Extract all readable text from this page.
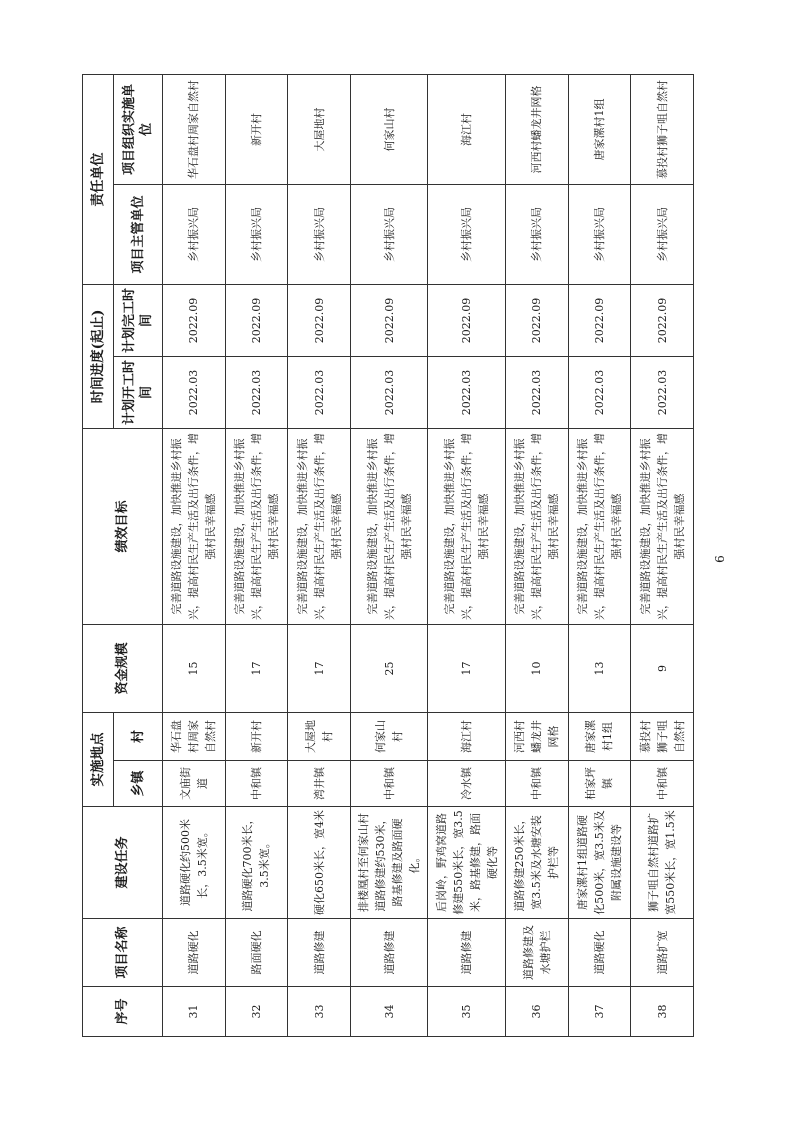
序号	项目名称	建设任务	实施地点		资金规模	绩效目标	时间进度(起止)		责任单位	
			乡镇	村			计划开工时间	计划完工时间	项目主管单位	项目组织实施单位
31	道路硬化	道路硬化约500米长，3.5米宽。	文庙街道	华石盘村周家自然村	15	完善道路设施建设，加快推进乡村振兴，提高村民生产生活及出行条件，增强村民幸福感	2022.03	2022.09	乡村振兴局	华石盘村周家自然村
32	路面硬化	道路硬化700米长，3.5米宽。	中和镇	新开村	17	完善道路设施建设，加快推进乡村振兴，提高村民生产生活及出行条件，增强村民幸福感	2022.03	2022.09	乡村振兴局	新开村
33	道路修建	硬化650米长，宽4米	湾井镇	大屋地村	17	完善道路设施建设，加快推进乡村振兴，提高村民生产生活及出行条件，增强村民幸福感	2022.03	2022.09	乡村振兴局	大屋地村
34	道路修建	排楼凰村至何家山村道路修建约530米，路基修建及路面硬化。	中和镇	何家山村	25	完善道路设施建设，加快推进乡村振兴，提高村民生产生活及出行条件，增强村民幸福感	2022.03	2022.09	乡村振兴局	何家山村
35	道路修建	后岗岭，野鸡窝道路修建550米长，宽3.5米，路基修建，路面硬化等	冷水镇	海江村	17	完善道路设施建设，加快推进乡村振兴，提高村民生产生活及出行条件，增强村民幸福感	2022.03	2022.09	乡村振兴局	海江村
36	道路修建及水塘护栏	道路修建250米长，宽3.5米及水塘安装护栏等	中和镇	河西村蟠龙井网格	10	完善道路设施建设，加快推进乡村振兴，提高村民生产生活及出行条件，增强村民幸福感	2022.03	2022.09	乡村振兴局	河西村蟠龙井网格
37	道路硬化	唐家漯村1组道路硬化500米，宽3.5米及附属设施建设等	柏家坪镇	唐家漯村1组	13	完善道路设施建设，加快推进乡村振兴，提高村民生产生活及出行条件，增强村民幸福感	2022.03	2022.09	乡村振兴局	唐家漯村1组
38	道路扩宽	狮子咀自然村道路扩宽550米长，宽1.5米	中和镇	慕投村狮子咀自然村	9	完善道路设施建设，加快推进乡村振兴，提高村民生产生活及出行条件，增强村民幸福感	2022.03	2022.09	乡村振兴局	慕投村狮子咀自然村
6
